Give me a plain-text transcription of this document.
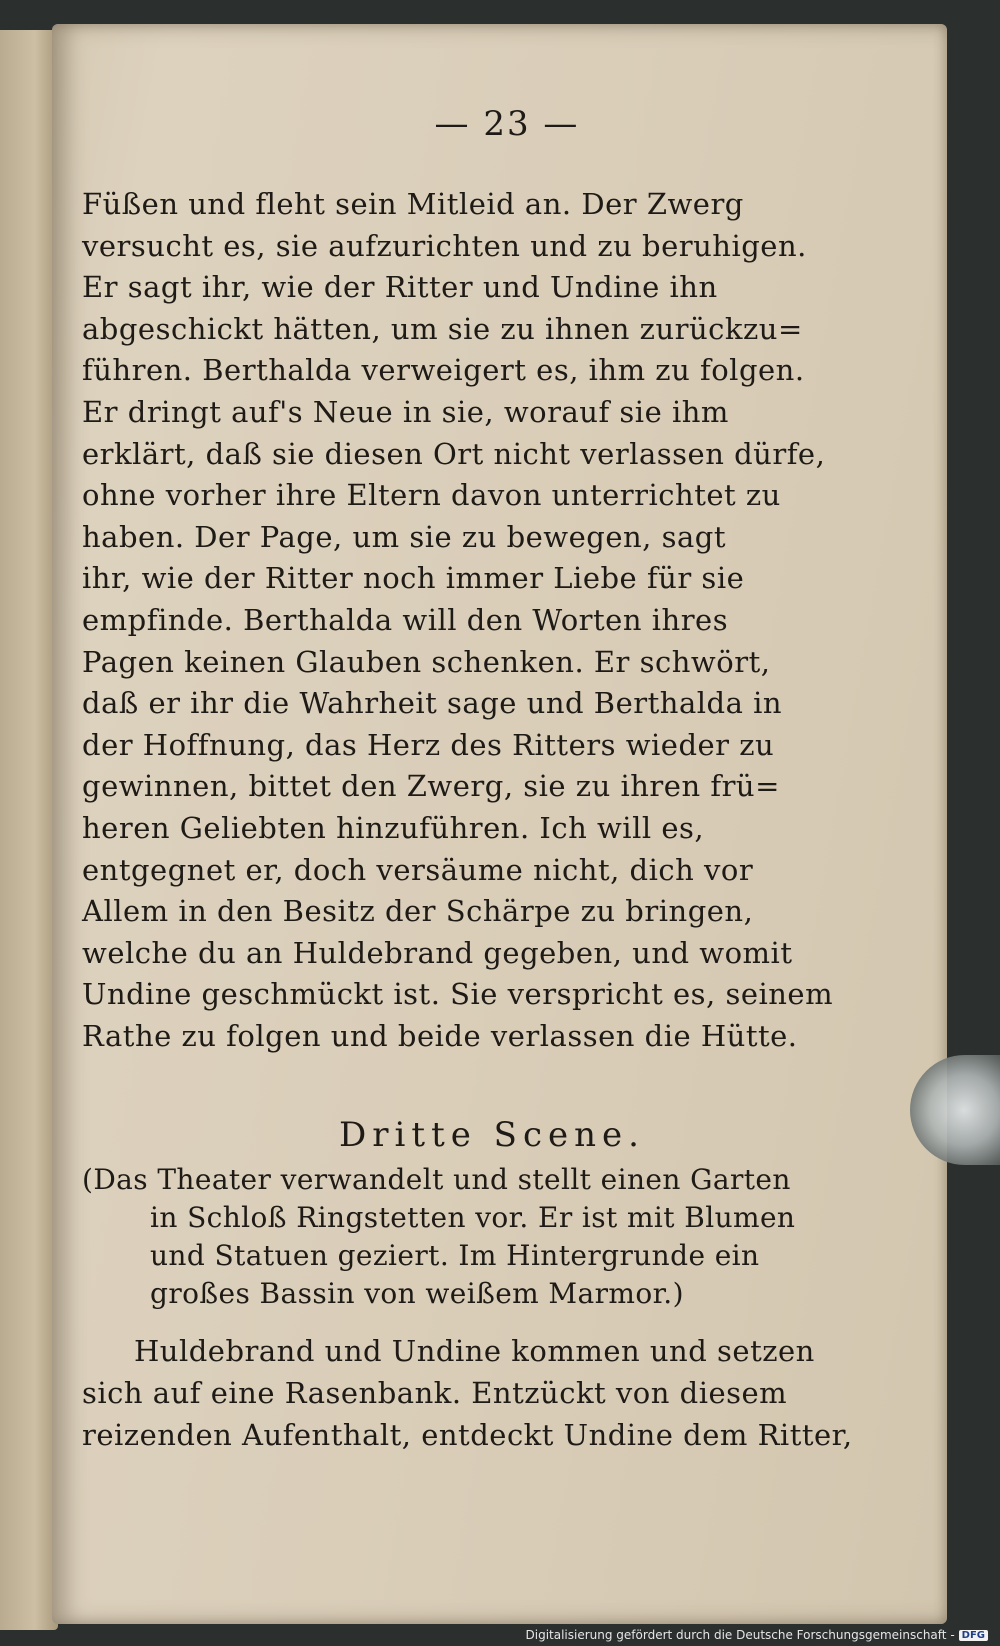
— 23 —
Füßen und fleht sein Mitleid an. Der Zwerg
versucht es, sie aufzurichten und zu beruhigen.
Er sagt ihr, wie der Ritter und Undine ihn
abgeschickt hätten, um sie zu ihnen zurückzu=
führen. Berthalda verweigert es, ihm zu folgen.
Er dringt auf's Neue in sie, worauf sie ihm
erklärt, daß sie diesen Ort nicht verlassen dürfe,
ohne vorher ihre Eltern davon unterrichtet zu
haben. Der Page, um sie zu bewegen, sagt
ihr, wie der Ritter noch immer Liebe für sie
empfinde. Berthalda will den Worten ihres
Pagen keinen Glauben schenken. Er schwört,
daß er ihr die Wahrheit sage und Berthalda in
der Hoffnung, das Herz des Ritters wieder zu
gewinnen, bittet den Zwerg, sie zu ihren frü=
heren Geliebten hinzuführen. Ich will es,
entgegnet er, doch versäume nicht, dich vor
Allem in den Besitz der Schärpe zu bringen,
welche du an Huldebrand gegeben, und womit
Undine geschmückt ist. Sie verspricht es, seinem
Rathe zu folgen und beide verlassen die Hütte.
Dritte Scene.
(Das Theater verwandelt und stellt einen Garten
in Schloß Ringstetten vor. Er ist mit Blumen
und Statuen geziert. Im Hintergrunde ein
großes Bassin von weißem Marmor.)
Huldebrand und Undine kommen und setzen
sich auf eine Rasenbank. Entzückt von diesem
reizenden Aufenthalt, entdeckt Undine dem Ritter,
Digitalisierung gefördert durch die Deutsche Forschungsgemeinschaft - DFG
